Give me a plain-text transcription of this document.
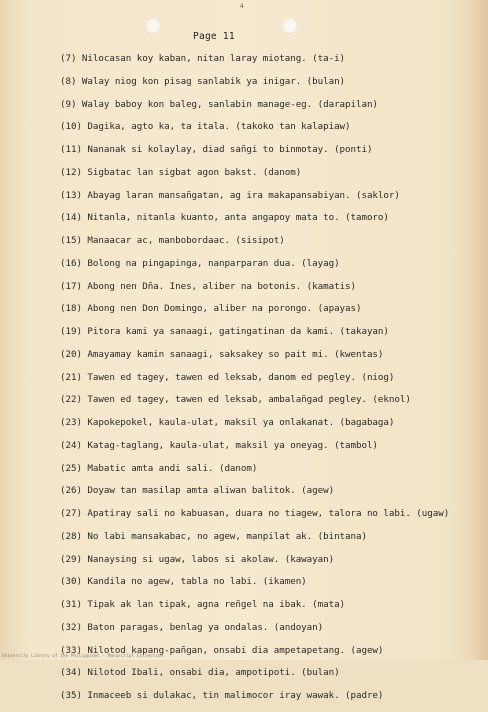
4
Page 11
(7) Nilocasan koy kaban, nitan laray miotang. (ta-i)
(8) Walay niog kon pisag sanlabik ya inigar. (bulan)
(9) Walay baboy kon baleg, sanlabin manage-eg. (darapilan)
(10) Dagika, agto ka, ta itala. (takoko tan kalapiaw)
(11) Nananak si kolaylay, diad sañgi to binmotay. (ponti)
(12) Sigbatac lan sigbat agon bakst. (danom)
(13) Abayag laran mansañgatan, ag ira makapansabiyan. (saklor)
(14) Nitanla, nitanla kuanto, anta angapoy mata to. (tamoro)
(15) Manaacar ac, manbobordaac. (sisipot)
(16) Bolong na pingapinga, nanparparan dua. (layag)
(17) Abong nen Dña. Ines, aliber na botonis. (kamatis)
(18) Abong nen Don Domingo, aliber na porongo. (apayas)
(19) Pitora kami ya sanaagi, gatingatinan da kami. (takayan)
(20) Amayamay kamin sanaagi, saksakey so pait mi. (kwentas)
(21) Tawen ed tagey, tawen ed leksab, danom ed pegley. (niog)
(22) Tawen ed tagey, tawen ed leksab, ambalañgad pegley. (eknol)
(23) Kapokepokel, kaula-ulat, maksil ya onlakanat. (bagabaga)
(24) Katag-taglang, kaula-ulat, maksil ya oneyag. (tambol)
(25) Mabatic amta andi sali. (danom)
(26) Doyaw tan masilap amta aliwan balitok. (agew)
(27) Apatiray sali no kabuasan, duara no tiagew, talora no labi. (ugaw)
(28) No labi mansakabac, no agew, manpilat ak. (bintana)
(29) Nanaysing si ugaw, labos si akolaw. (kawayan)
(30) Kandila no agew, tabla no labi. (ikamen)
(31) Tipak ak lan tipak, agna reñgel na ibak. (mata)
(32) Baton paragas, benlag ya ondalas. (andoyan)
(33) Nilotod kapang-pañgan, onsabi dia ampetapetang. (agew)
(34) Nilotod Ibali, onsabi dia, ampotipoti. (bulan)
(35) Inmaceeb si dulakac, tin malimocor iray wawak. (padre)
University Library of the Philippines · Manuscript Collection
